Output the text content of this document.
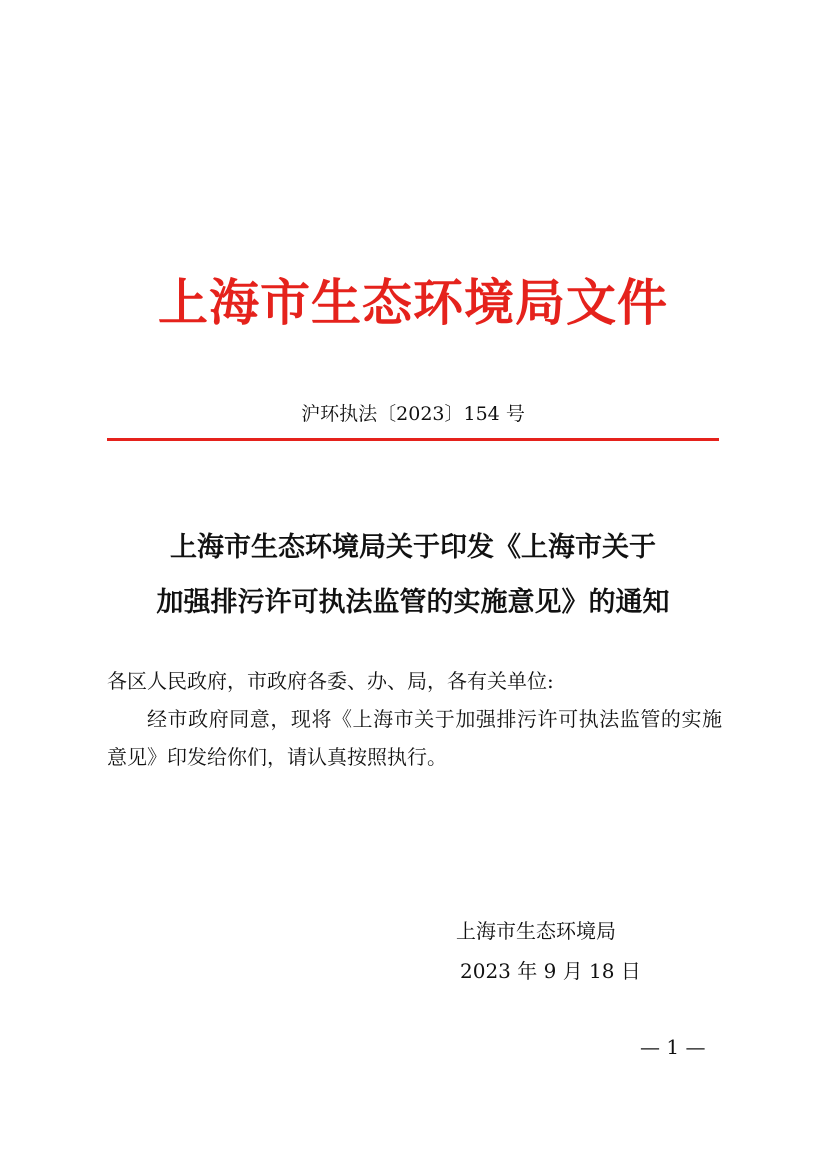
上海市生态环境局文件
沪环执法〔2023〕154 号
上海市生态环境局关于印发《上海市关于
加强排污许可执法监管的实施意见》的通知

各区人民政府，市政府各委、办、局，各有关单位:

经市政府同意，现将《上海市关于加强排污许可执法监管的实施意见》印发给你们，请认真按照执行。

上海市生态环境局
2023 年 9 月 18 日
— 1 —
